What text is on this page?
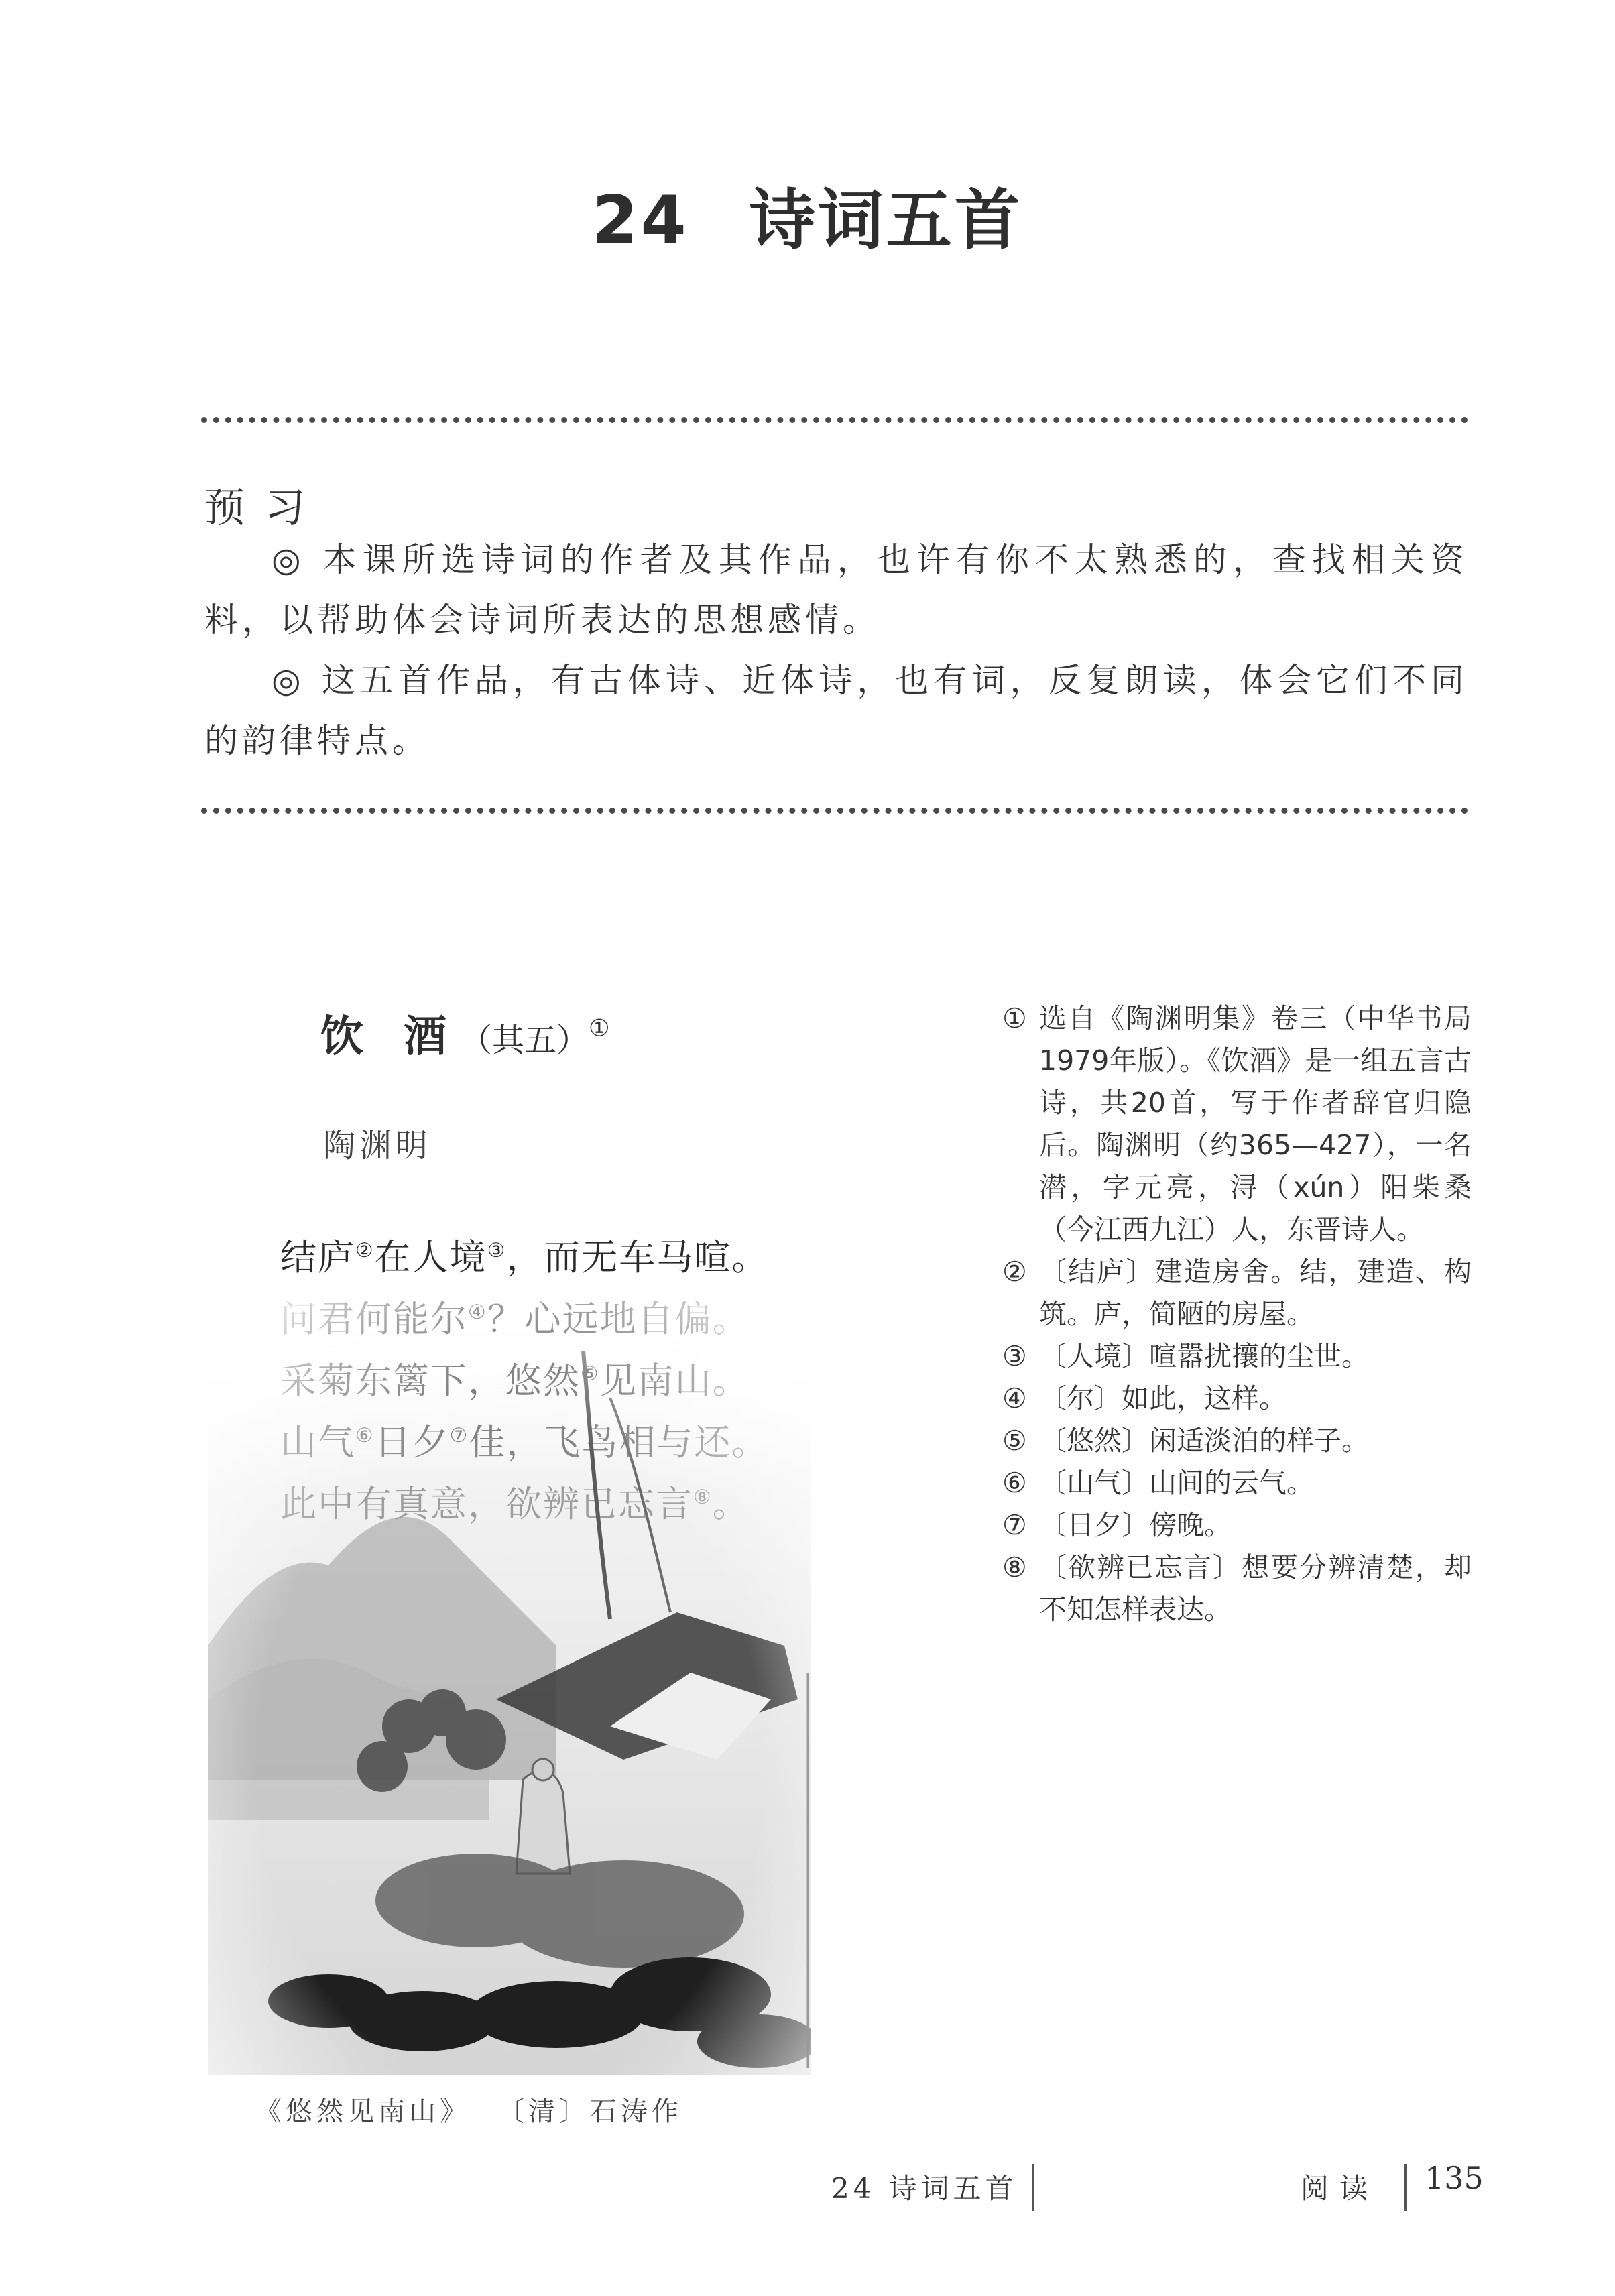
24 诗词五首
预习

◎ 本课所选诗词的作者及其作品，也许有你不太熟悉的，查找相关资料，以帮助体会诗词所表达的思想感情。

◎ 这五首作品，有古体诗、近体诗，也有词，反复朗读，体会它们不同的韵律特点。

饮 酒 （其五）①
陶渊明
结庐②在人境③，而无车马喧。
《悠然见南山》 〔清〕石涛作
① 选自《陶渊明集》卷三（中华书局1979年版）。《饮酒》是一组五言古诗，共20首，写于作者辞官归隐后。陶渊明（约365—427），一名潜，字元亮，浔（xún）阳柴桑（今江西九江）人，东晋诗人。
② 〔结庐〕建造房舍。结，建造、构筑。庐，简陋的房屋。
③ 〔人境〕喧嚣扰攘的尘世。
④ 〔尔〕如此，这样。
⑤ 〔悠然〕闲适淡泊的样子。
⑥ 〔山气〕山间的云气。
⑦ 〔日夕〕傍晚。
⑧ 〔欲辨已忘言〕想要分辨清楚，却不知怎样表达。
24 诗词五首	阅读 135
